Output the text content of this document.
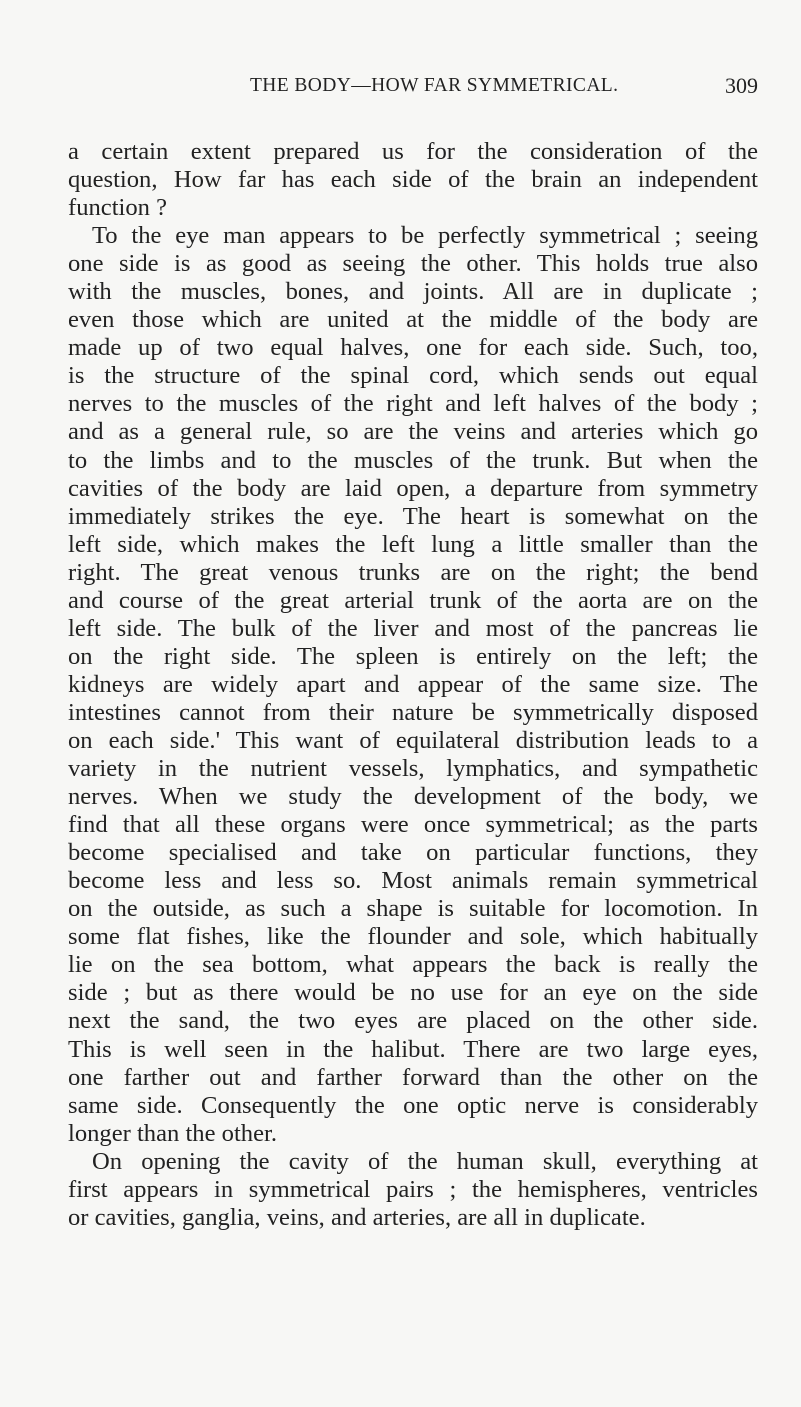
THE BODY—HOW FAR SYMMETRICAL.	309

a certain extent prepared us for the consideration of the
question, How far has each side of the brain an independent
function ?

To the eye man appears to be perfectly symmetrical ; seeing
one side is as good as seeing the other. This holds true also
with the muscles, bones, and joints. All are in duplicate ;
even those which are united at the middle of the body are
made up of two equal halves, one for each side. Such, too,
is the structure of the spinal cord, which sends out equal
nerves to the muscles of the right and left halves of the body ;
and as a general rule, so are the veins and arteries which go
to the limbs and to the muscles of the trunk. But when the
cavities of the body are laid open, a departure from symmetry
immediately strikes the eye. The heart is somewhat on the
left side, which makes the left lung a little smaller than the
right. The great venous trunks are on the right; the bend
and course of the great arterial trunk of the aorta are on the
left side. The bulk of the liver and most of the pancreas lie
on the right side. The spleen is entirely on the left; the
kidneys are widely apart and appear of the same size. The
intestines cannot from their nature be symmetrically disposed
on each side.' This want of equilateral distribution leads to a
variety in the nutrient vessels, lymphatics, and sympathetic
nerves. When we study the development of the body, we
find that all these organs were once symmetrical; as the parts
become specialised and take on particular functions, they
become less and less so. Most animals remain symmetrical
on the outside, as such a shape is suitable for locomotion. In
some flat fishes, like the flounder and sole, which habitually
lie on the sea bottom, what appears the back is really the
side ; but as there would be no use for an eye on the side
next the sand, the two eyes are placed on the other side.
This is well seen in the halibut. There are two large eyes,
one farther out and farther forward than the other on the
same side. Consequently the one optic nerve is considerably
longer than the other.

On opening the cavity of the human skull, everything at
first appears in symmetrical pairs ; the hemispheres, ventricles
or cavities, ganglia, veins, and arteries, are all in duplicate.
